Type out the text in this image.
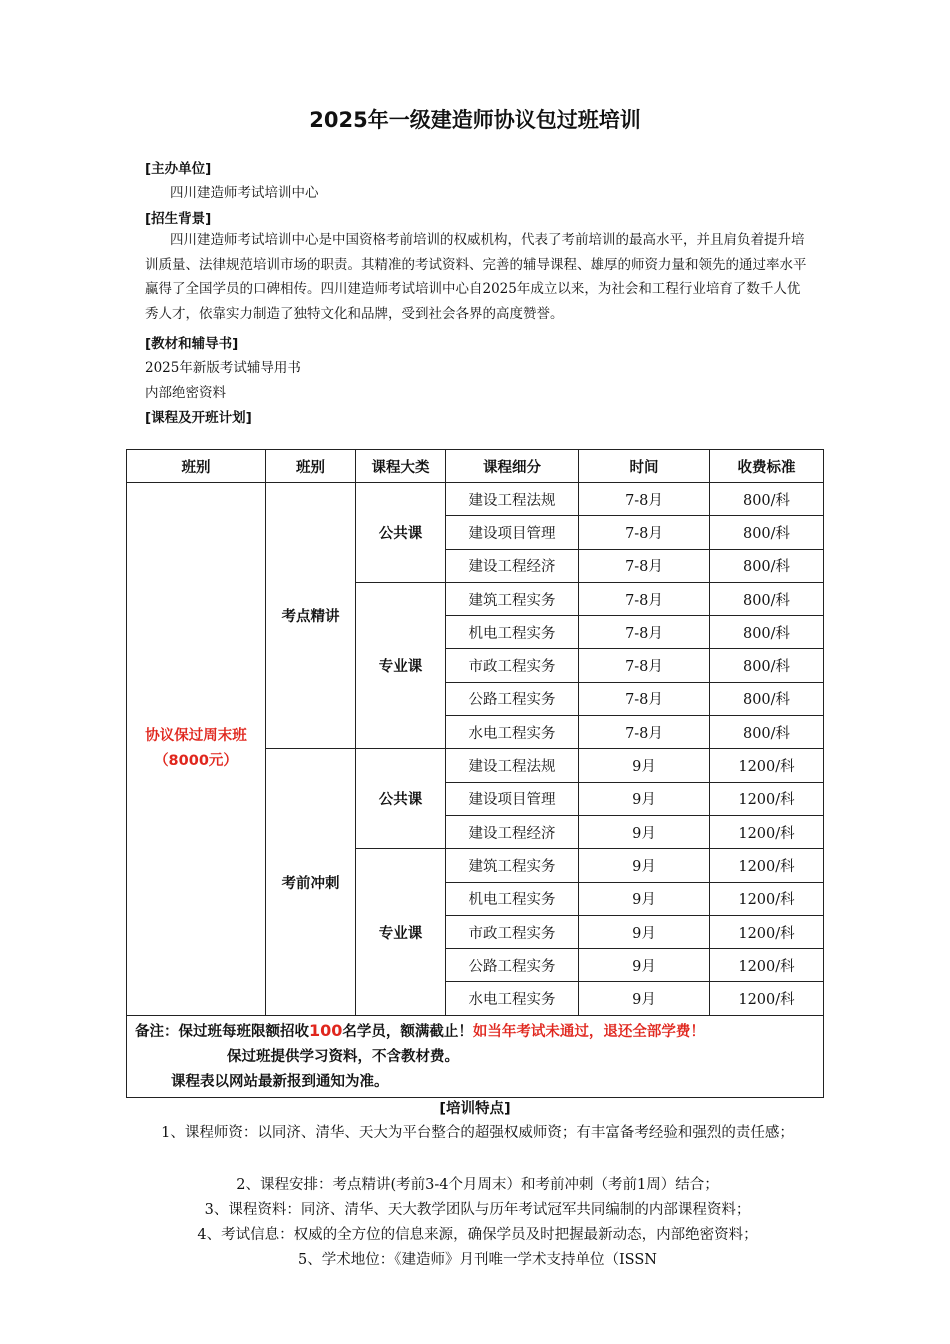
2025年一级建造师协议包过班培训
[主办单位]
四川建造师考试培训中心
[招生背景]
四川建造师考试培训中心是中国资格考前培训的权威机构，代表了考前培训的最高水平，并且肩负着提升培训质量、法律规范培训市场的职责。其精准的考试资料、完善的辅导课程、雄厚的师资力量和领先的通过率水平赢得了全国学员的口碑相传。四川建造师考试培训中心自2025年成立以来，为社会和工程行业培育了数千人优秀人才，依靠实力制造了独特文化和品牌，受到社会各界的高度赞誉。
[教材和辅导书]
2025年新版考试辅导用书
内部绝密资料
[课程及开班计划]
班别	班别	课程大类	课程细分	时间	收费标准
协议保过周末班
（8000元）	考点精讲	公共课	建设工程法规	7-8月	800/科
			建设项目管理	7-8月	800/科
			建设工程经济	7-8月	800/科
		专业课	建筑工程实务	7-8月	800/科
			机电工程实务	7-8月	800/科
			市政工程实务	7-8月	800/科
			公路工程实务	7-8月	800/科
			水电工程实务	7-8月	800/科
	考前冲刺	公共课	建设工程法规	9月	1200/科
			建设项目管理	9月	1200/科
			建设工程经济	9月	1200/科
		专业课	建筑工程实务	9月	1200/科
			机电工程实务	9月	1200/科
			市政工程实务	9月	1200/科
			公路工程实务	9月	1200/科
			水电工程实务	9月	1200/科

备注：保过班每班限额招收100名学员，额满截止！如当年考试未通过，退还全部学费！
保过班提供学习资料，不含教材费。
课程表以网站最新报到通知为准。					
[培训特点]
1、课程师资：以同济、清华、天大为平台整合的超强权威师资；有丰富备考经验和强烈的责任感；
2、课程安排：考点精讲(考前3-4个月周末）和考前冲刺（考前1周）结合；
3、课程资料：同济、清华、天大教学团队与历年考试冠军共同编制的内部课程资料；
4、考试信息：权威的全方位的信息来源，确保学员及时把握最新动态，内部绝密资料；
5、学术地位：《建造师》月刊唯一学术支持单位（ISSN
